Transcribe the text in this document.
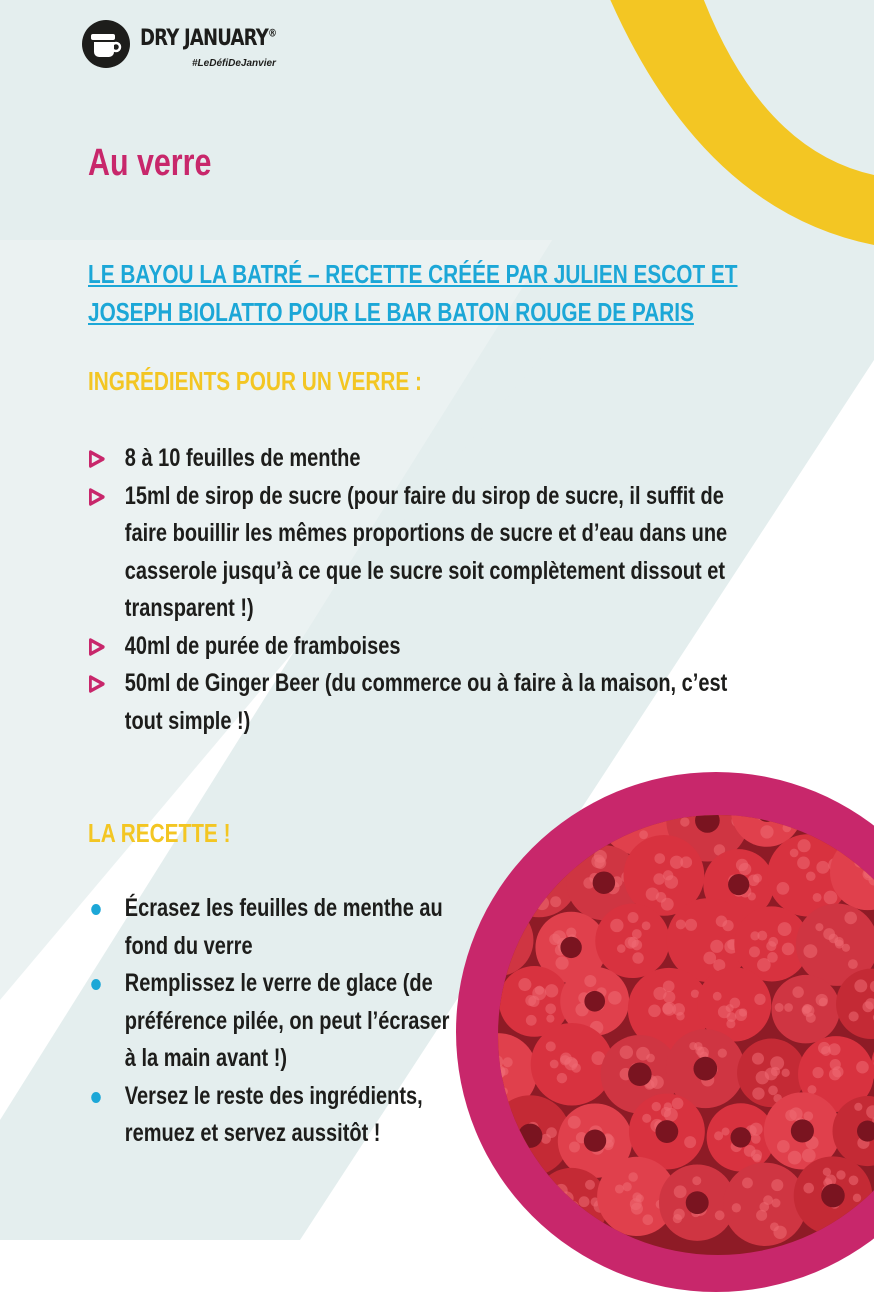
DRY JANUARY®
#LeDéfiDeJanvier
Au verre
LE BAYOU LA BATRÉ – RECETTE CRÉÉE PAR JULIEN ESCOT ET JOSEPH BIOLATTO POUR LE BAR BATON ROUGE DE PARIS
INGRÉDIENTS POUR UN VERRE :
8 à 10 feuilles de menthe
15ml de sirop de sucre (pour faire du sirop de sucre, il suffit de faire bouillir les mêmes proportions de sucre et d’eau dans une casserole jusqu’à ce que le sucre soit complètement dissout et transparent !)
40ml de purée de framboises
50ml de Ginger Beer (du commerce ou à faire à la maison, c’est tout simple !)
LA RECETTE !
Écrasez les feuilles de menthe au fond du verre
Remplissez le verre de glace (de préférence pilée, on peut l’écraser à la main avant !)
Versez le reste des ingrédients, remuez et servez aussitôt !
